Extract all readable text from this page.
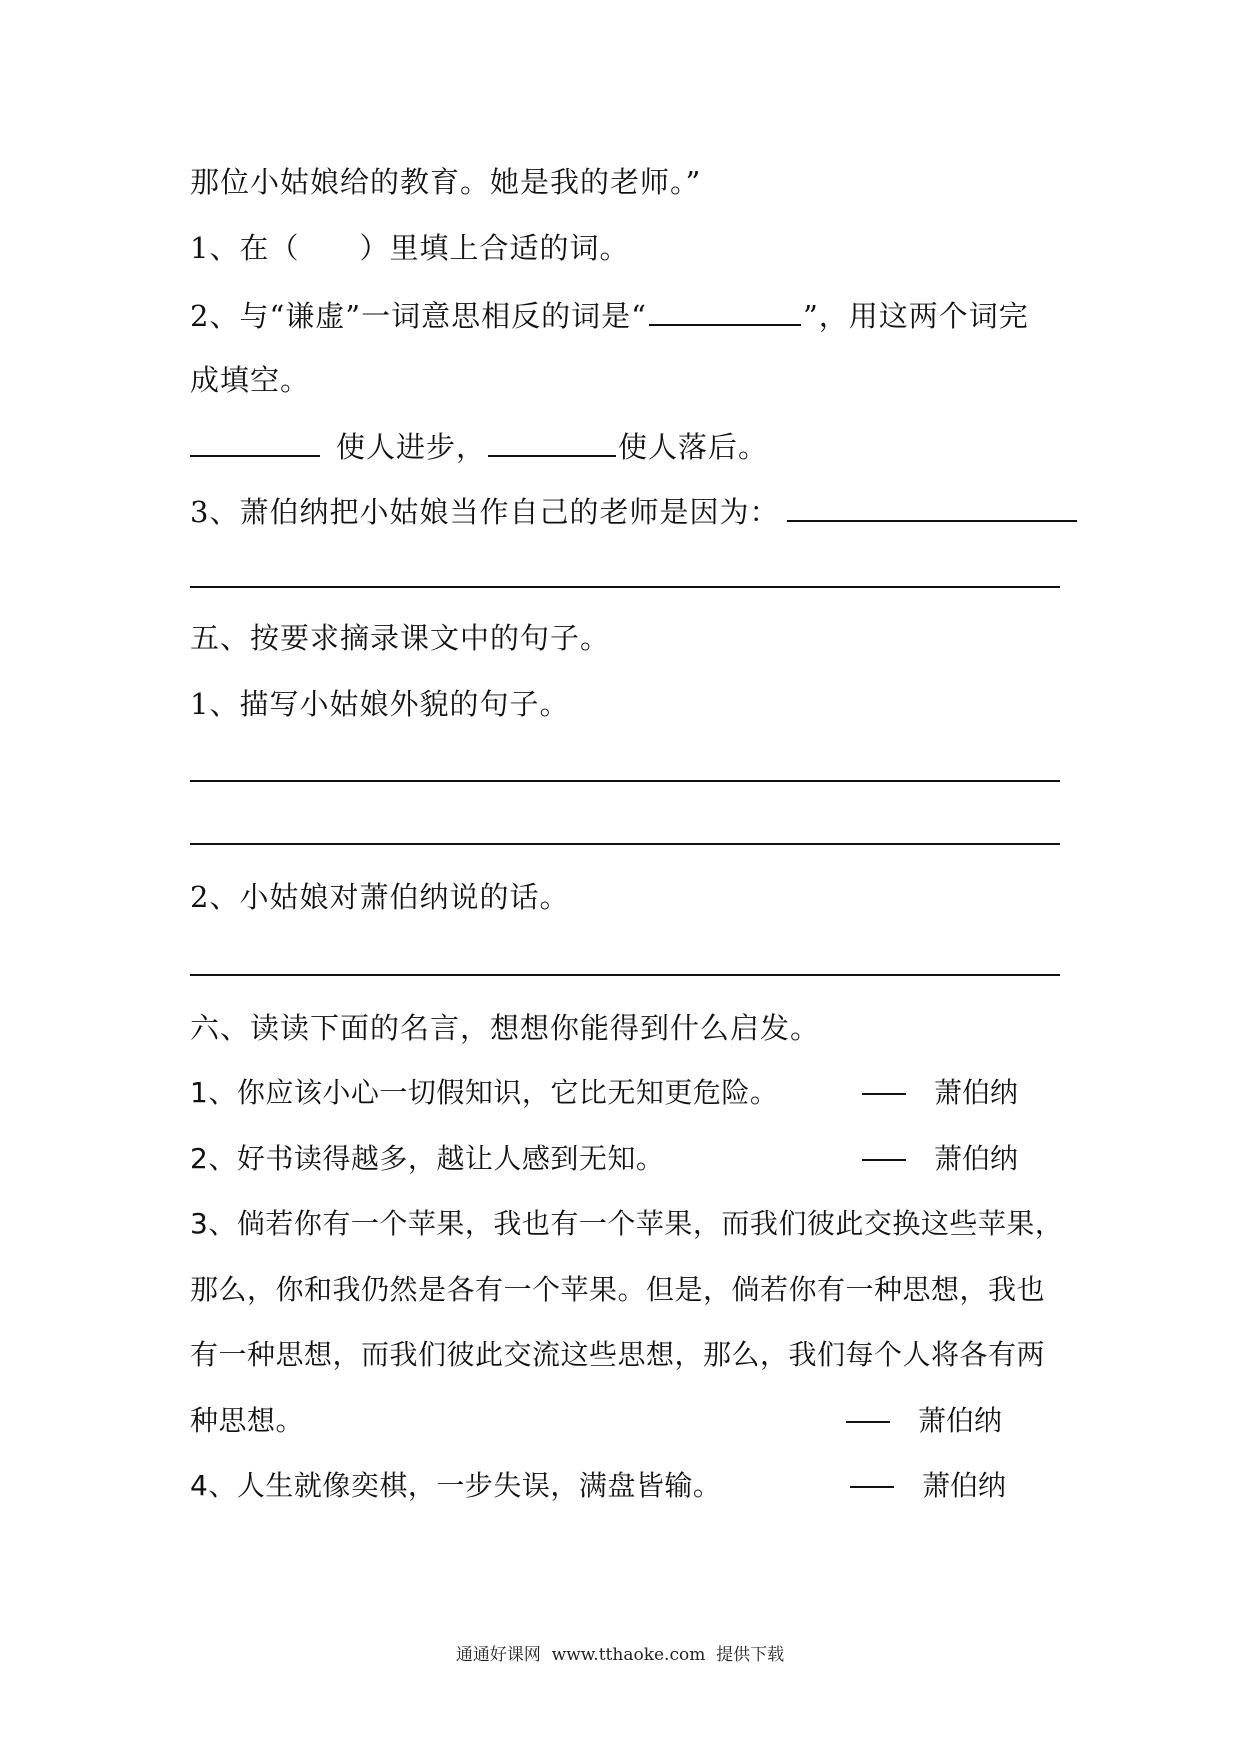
那位小姑娘给的教育。她是我的老师。”
1、在（　　）里填上合适的词。
2、与“谦虚”一词意思相反的词是“	”，用这两个词完
成填空。
使人进步，	使人落后。
3、萧伯纳把小姑娘当作自己的老师是因为：
五、按要求摘录课文中的句子。
1、描写小姑娘外貌的句子。
2、小姑娘对萧伯纳说的话。
六、读读下面的名言，想想你能得到什么启发。
1、你应该小心一切假知识，它比无知更危险。	萧伯纳
2、好书读得越多，越让人感到无知。	萧伯纳
3、倘若你有一个苹果，我也有一个苹果，而我们彼此交换这些苹果，
那么，你和我仍然是各有一个苹果。但是，倘若你有一种思想，我也
有一种思想，而我们彼此交流这些思想，那么，我们每个人将各有两
种思想。	萧伯纳
4、人生就像奕棋，一步失误，满盘皆输。	萧伯纳
通通好课网  www.tthaoke.com  提供下载
